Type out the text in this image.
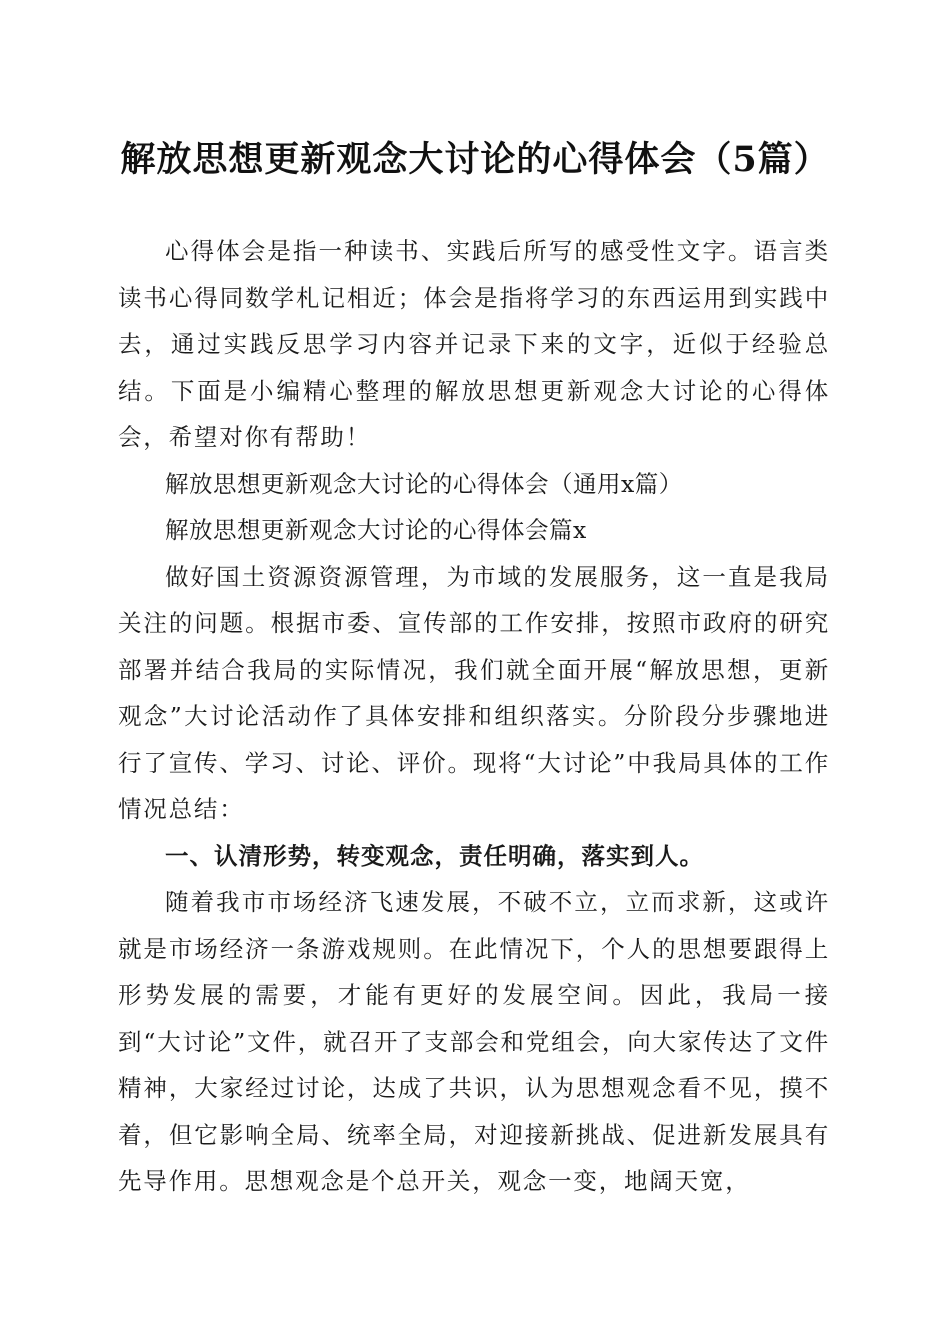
解放思想更新观念大讨论的心得体会（5篇）

心得体会是指一种读书、实践后所写的感受性文字。语言类读书心得同数学札记相近；体会是指将学习的东西运用到实践中去，通过实践反思学习内容并记录下来的文字，近似于经验总结。下面是小编精心整理的解放思想更新观念大讨论的心得体会，希望对你有帮助！

解放思想更新观念大讨论的心得体会（通用x篇）

解放思想更新观念大讨论的心得体会篇x

做好国土资源资源管理，为市域的发展服务，这一直是我局关注的问题。根据市委、宣传部的工作安排，按照市政府的研究部署并结合我局的实际情况，我们就全面开展“解放思想，更新观念”大讨论活动作了具体安排和组织落实。分阶段分步骤地进行了宣传、学习、讨论、评价。现将“大讨论”中我局具体的工作情况总结：

一、认清形势，转变观念，责任明确，落实到人。

随着我市市场经济飞速发展，不破不立，立而求新，这或许就是市场经济一条游戏规则。在此情况下，个人的思想要跟得上形势发展的需要，才能有更好的发展空间。因此，我局一接到“大讨论”文件，就召开了支部会和党组会，向大家传达了文件精神，大家经过讨论，达成了共识，认为思想观念看不见，摸不着，但它影响全局、统率全局，对迎接新挑战、促进新发展具有先导作用。思想观念是个总开关，观念一变，地阔天宽，
